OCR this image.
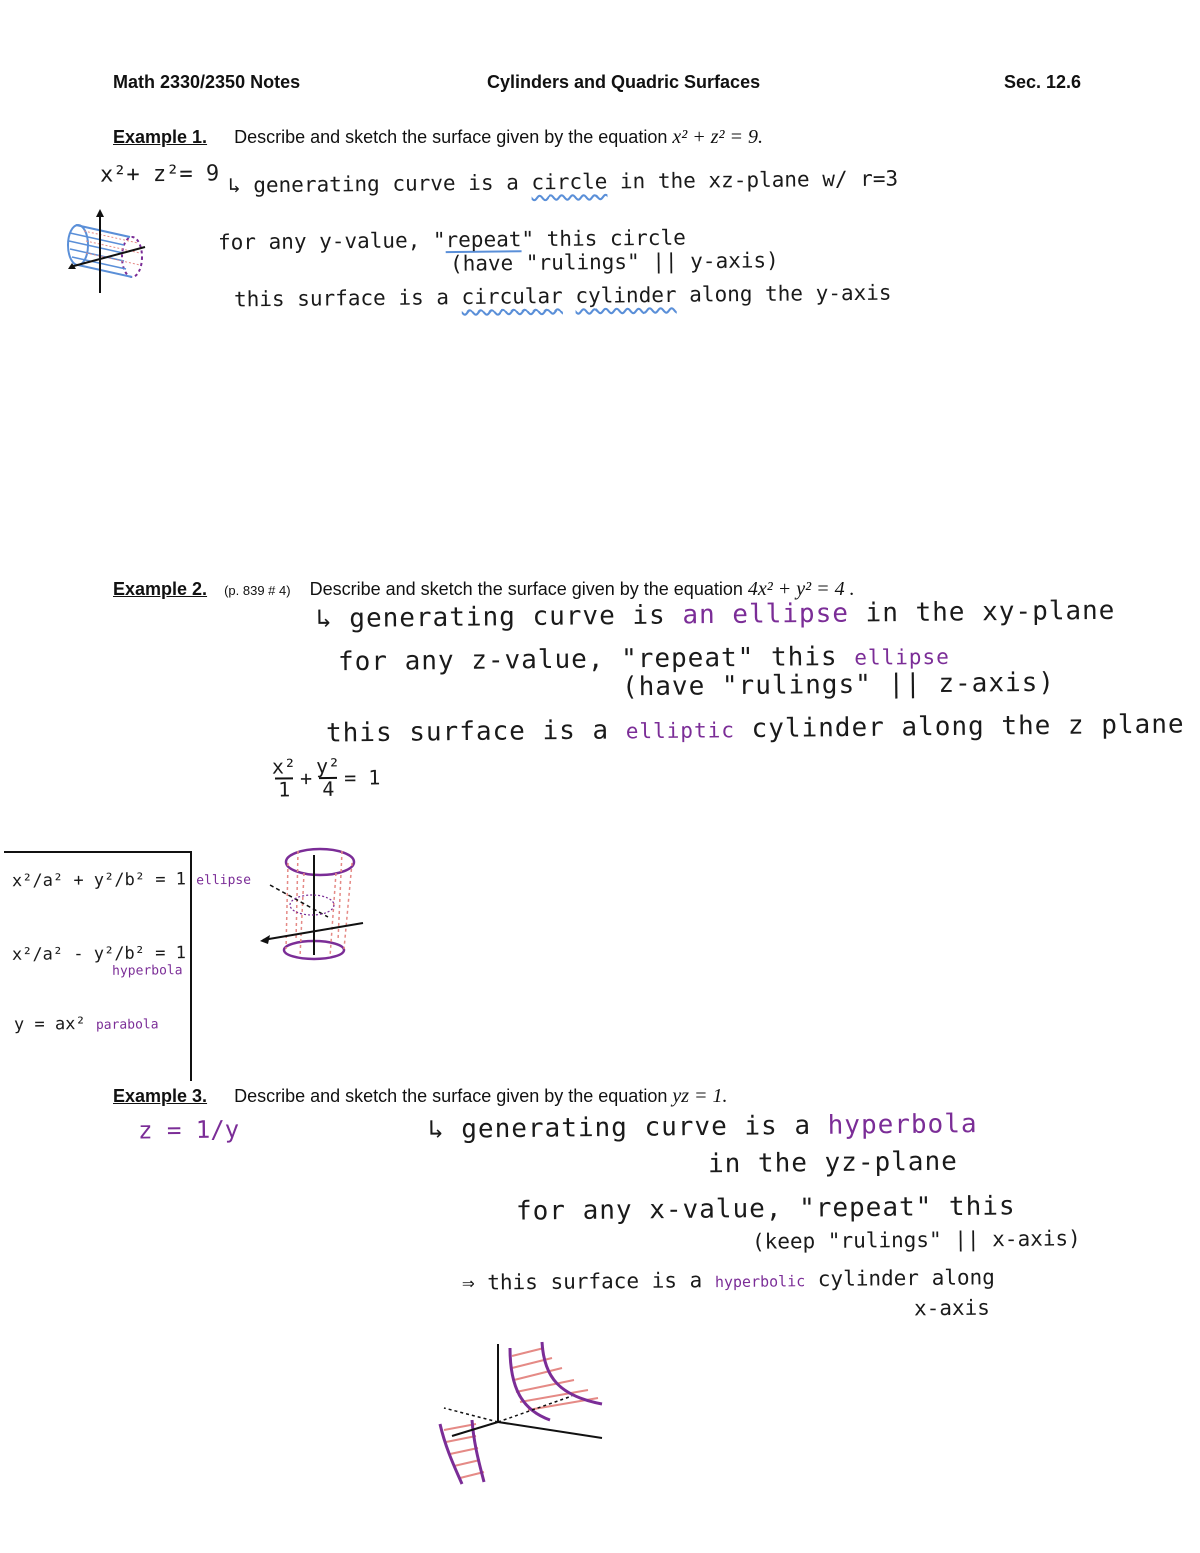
Math 2330/2350 Notes	Cylinders and Quadric Surfaces	Sec. 12.6
Example 1. Describe and sketch the surface given by the equation x² + z² = 9.
x²+ z²= 9 ↳ generating curve is a circle in the xz-plane w/ r=3
for any y-value, "repeat" this circle
(have "rulings" || y-axis)
this surface is a circular cylinder along the y-axis
Example 2. (p. 839 # 4) Describe and sketch the surface given by the equation 4x² + y² = 4 .
↳ generating curve is an ellipse in the xy-plane
for any z-value, "repeat" this ellipse
(have "rulings" || z-axis)
this surface is a elliptic cylinder along the z plane
$\frac{\text{x²}}{1} + \frac{\text{y²}}{4} = 1$
x²/a² + y²/b² = 1 ellipse
x²/a² - y²/b² = 1
hyperbola
y = ax² parabola
Example 3. Describe and sketch the surface given by the equation yz = 1.
z = 1/y	↳ generating curve is a hyperbola
in the yz-plane
for any x-value, "repeat" this
(keep "rulings" || x-axis)
⇒ this surface is a hyperbolic cylinder along
x-axis
